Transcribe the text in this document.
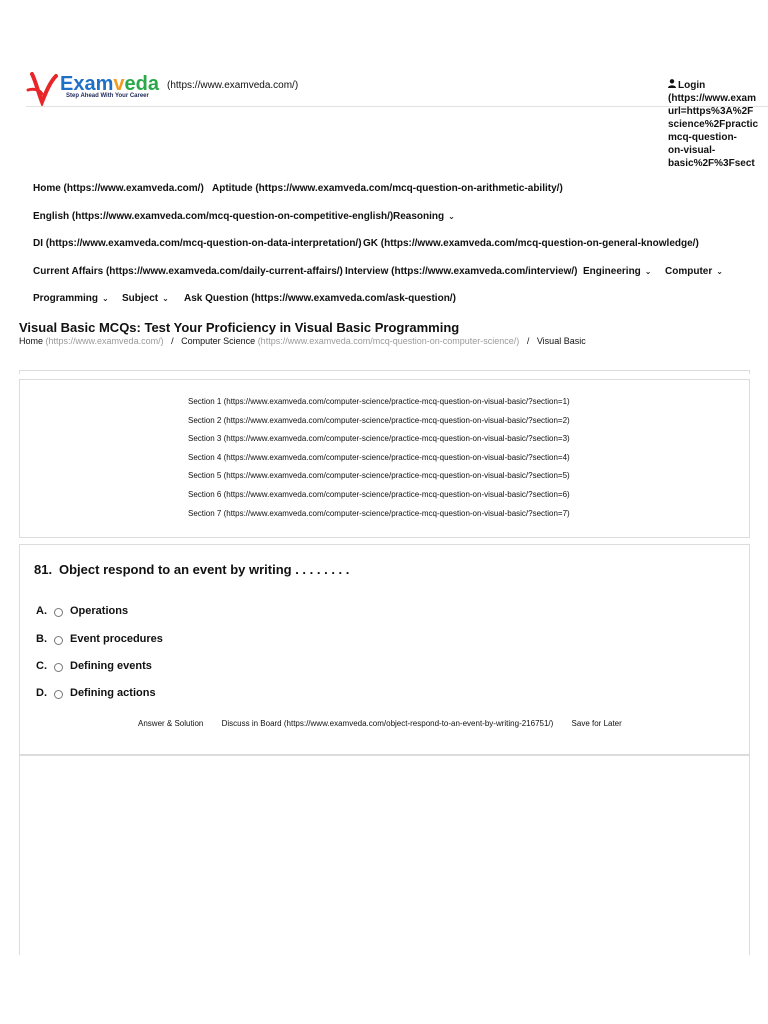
Examveda
Step Ahead With Your Career
(https://www.examveda.com/)	Login
(https://www.exam
url=https%3A%2F
science%2Fpractic
mcq-question-
on-visual-
basic%2F%3Fsect
Home (https://www.examveda.com/) Aptitude (https://www.examveda.com/mcq-question-on-arithmetic-ability/)
English (https://www.examveda.com/mcq-question-on-competitive-english/) Reasoning ⌄
DI (https://www.examveda.com/mcq-question-on-data-interpretation/) GK (https://www.examveda.com/mcq-question-on-general-knowledge/)
Current Affairs (https://www.examveda.com/daily-current-affairs/) Interview (https://www.examveda.com/interview/) Engineering ⌄ Computer ⌄
Programming ⌄ Subject ⌄ Ask Question (https://www.examveda.com/ask-question/)
Visual Basic MCQs: Test Your Proficiency in Visual Basic Programming
Home (https://www.examveda.com/) / Computer Science (https://www.examveda.com/mcq-question-on-computer-science/) / Visual Basic
Section 1 (https://www.examveda.com/computer-science/practice-mcq-question-on-visual-basic/?section=1)
Section 2 (https://www.examveda.com/computer-science/practice-mcq-question-on-visual-basic/?section=2)
Section 3 (https://www.examveda.com/computer-science/practice-mcq-question-on-visual-basic/?section=3)
Section 4 (https://www.examveda.com/computer-science/practice-mcq-question-on-visual-basic/?section=4)
Section 5 (https://www.examveda.com/computer-science/practice-mcq-question-on-visual-basic/?section=5)
Section 6 (https://www.examveda.com/computer-science/practice-mcq-question-on-visual-basic/?section=6)
Section 7 (https://www.examveda.com/computer-science/practice-mcq-question-on-visual-basic/?section=7)
81. Object respond to an event by writing . . . . . . . .
A.	Operations
B.	Event procedures
C.	Defining events
D.	Defining actions
Answer & Solution Discuss in Board (https://www.examveda.com/object-respond-to-an-event-by-writing-216751/) Save for Later
